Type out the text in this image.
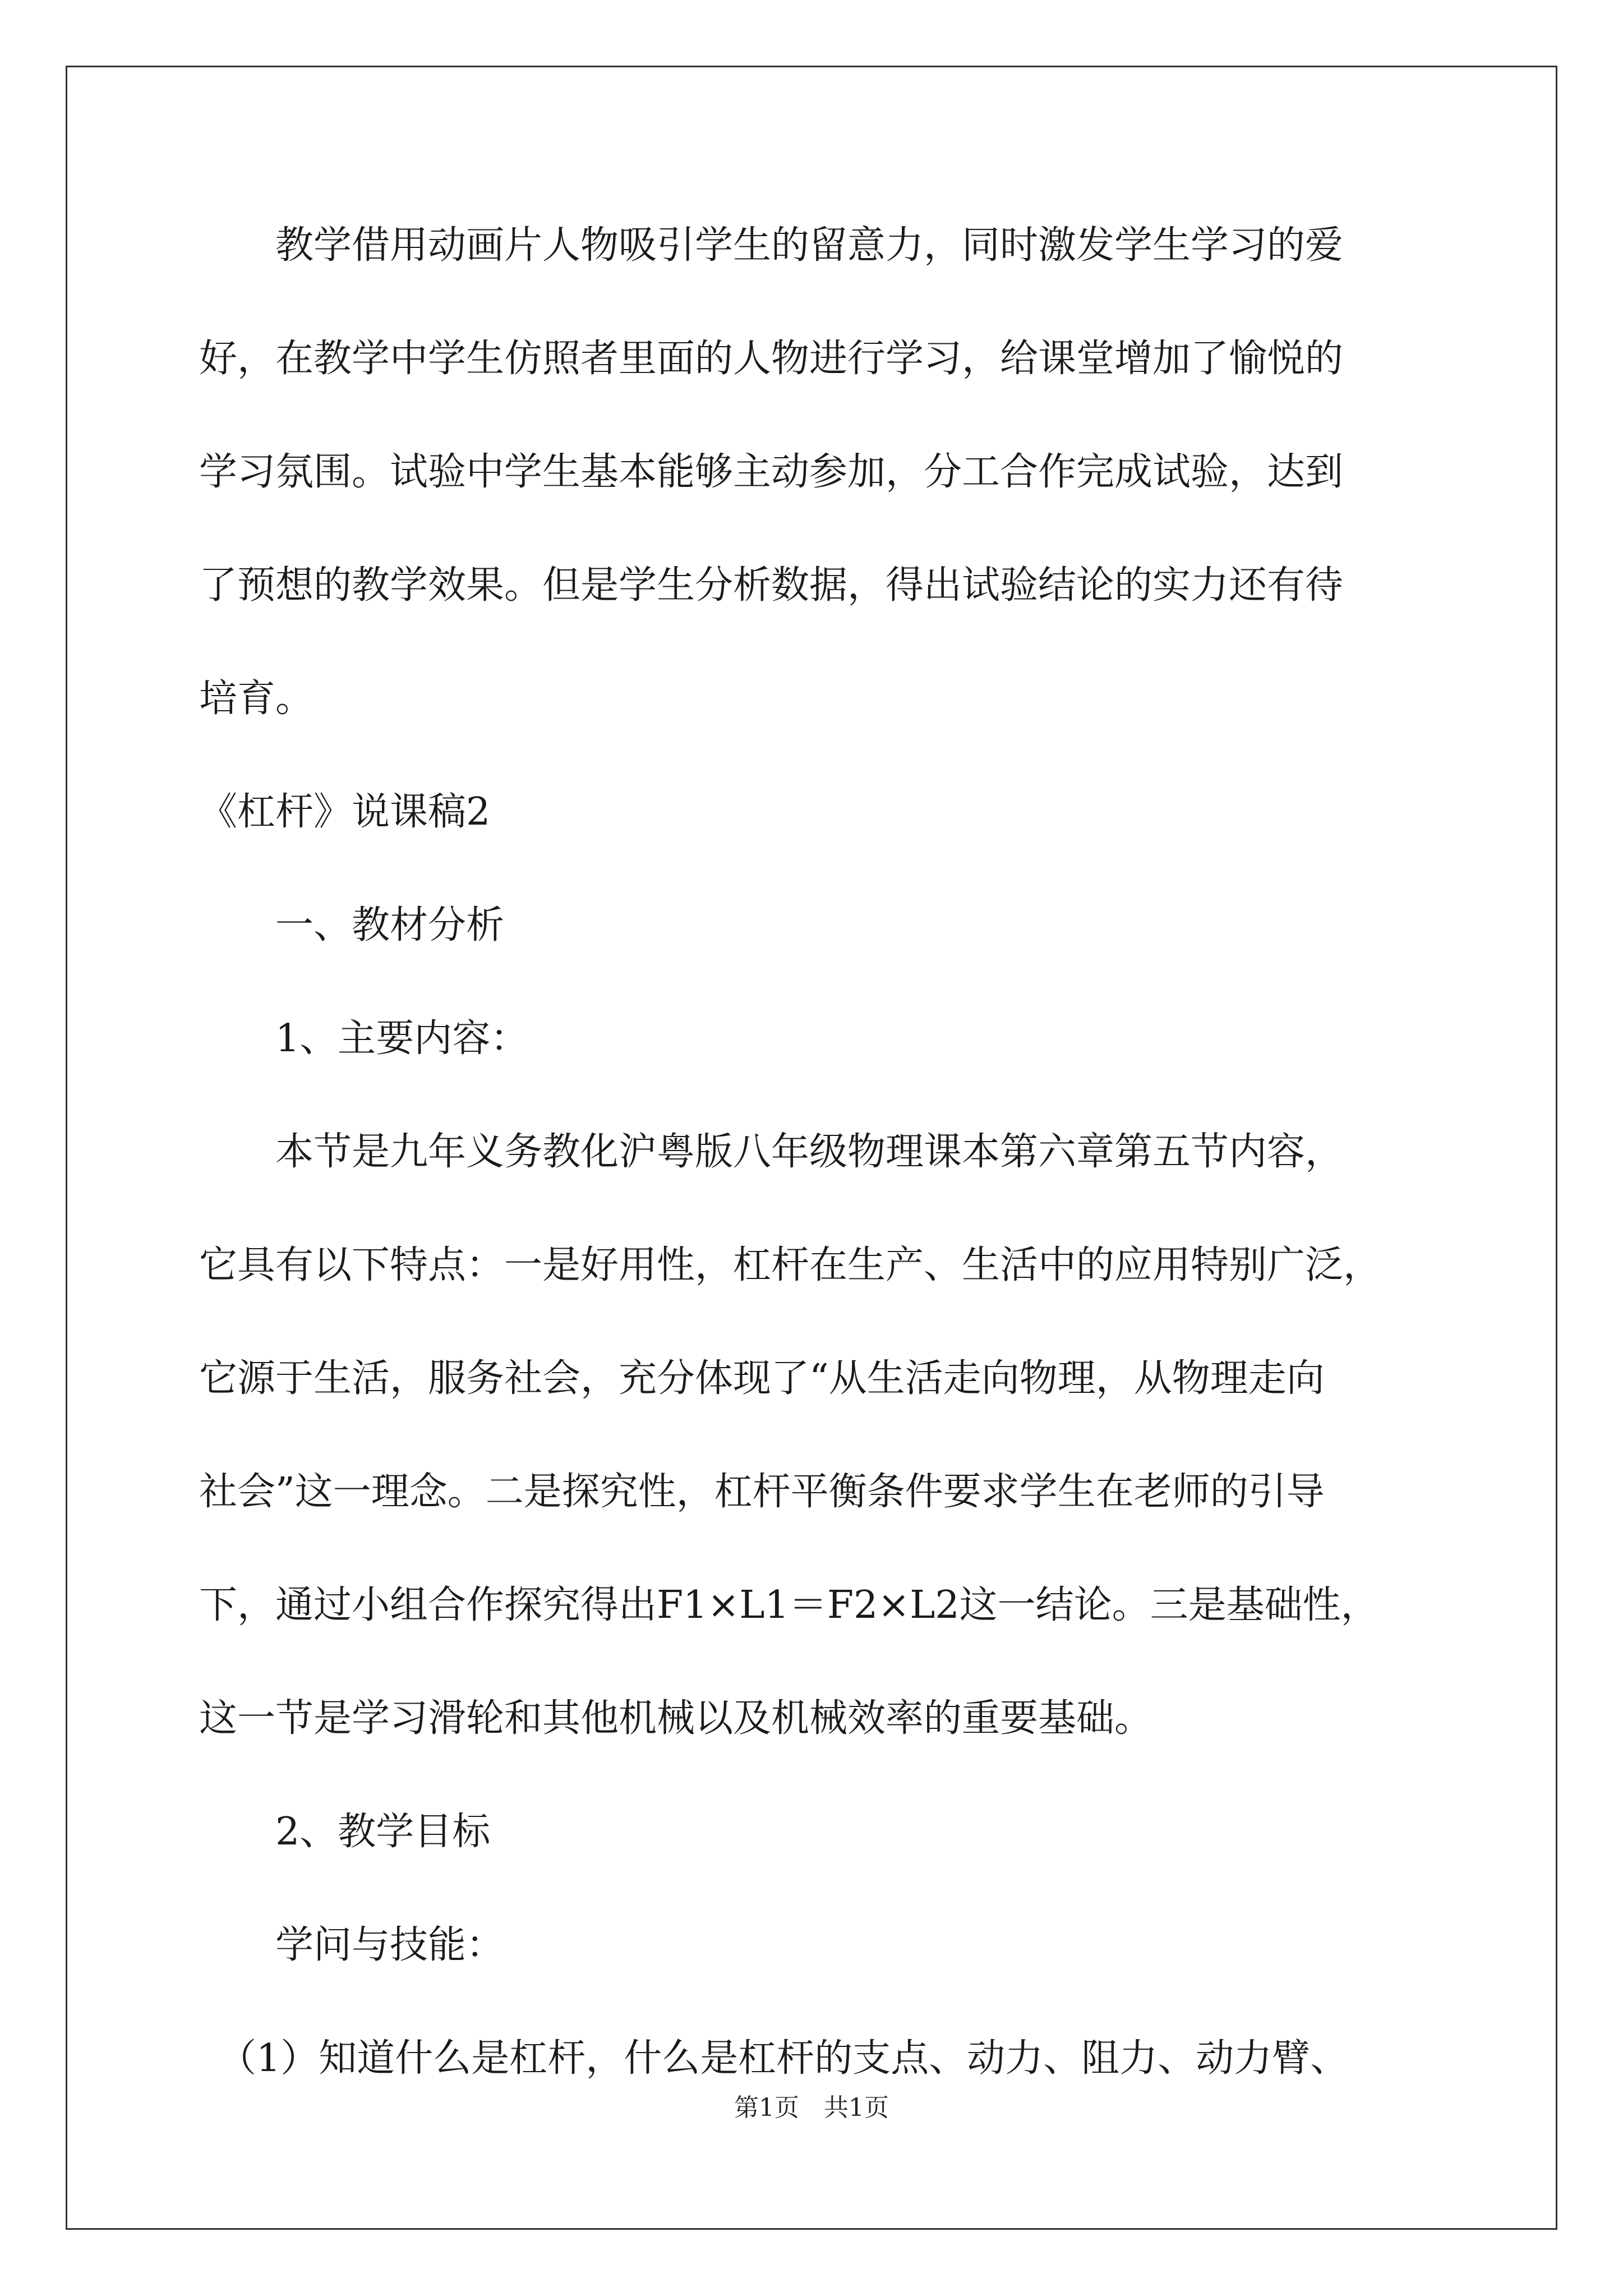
　　教学借用动画片人物吸引学生的留意力，同时激发学生学习的爱
好，在教学中学生仿照者里面的人物进行学习，给课堂增加了愉悦的
学习氛围。试验中学生基本能够主动参加，分工合作完成试验，达到
了预想的教学效果。但是学生分析数据，得出试验结论的实力还有待
培育。
《杠杆》说课稿2
　　一、教材分析
　　1、主要内容：
　　本节是九年义务教化沪粤版八年级物理课本第六章第五节内容，
它具有以下特点：一是好用性，杠杆在生产、生活中的应用特别广泛，
它源于生活，服务社会，充分体现了“从生活走向物理，从物理走向
社会”这一理念。二是探究性，杠杆平衡条件要求学生在老师的引导
下，通过小组合作探究得出F1×L1＝F2×L2这一结论。三是基础性，
这一节是学习滑轮和其他机械以及机械效率的重要基础。
　　2、教学目标
　　学问与技能：
　（1）知道什么是杠杆，什么是杠杆的支点、动力、阻力、动力臂、
第1页　共1页
